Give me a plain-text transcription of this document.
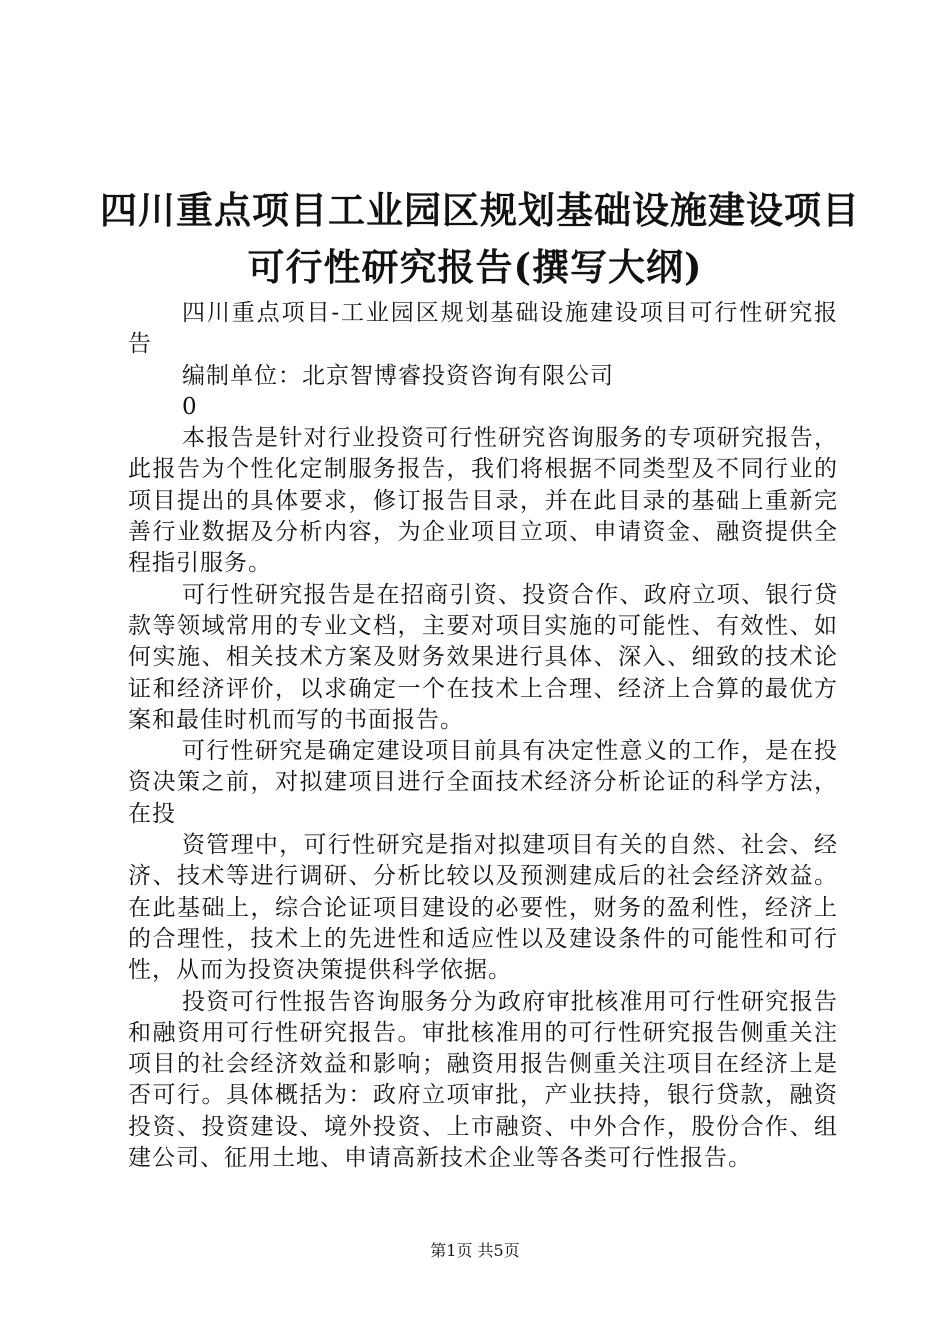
四川重点项目工业园区规划基础设施建设项目
可行性研究报告(撰写大纲)

四川重点项目-工业园区规划基础设施建设项目可行性研究报告

编制单位：北京智博睿投资咨询有限公司

0

本报告是针对行业投资可行性研究咨询服务的专项研究报告，此报告为个性化定制服务报告，我们将根据不同类型及不同行业的项目提出的具体要求，修订报告目录，并在此目录的基础上重新完善行业数据及分析内容，为企业项目立项、申请资金、融资提供全程指引服务。

可行性研究报告是在招商引资、投资合作、政府立项、银行贷款等领域常用的专业文档，主要对项目实施的可能性、有效性、如何实施、相关技术方案及财务效果进行具体、深入、细致的技术论证和经济评价，以求确定一个在技术上合理、经济上合算的最优方案和最佳时机而写的书面报告。

可行性研究是确定建设项目前具有决定性意义的工作，是在投资决策之前，对拟建项目进行全面技术经济分析论证的科学方法，在投

资管理中，可行性研究是指对拟建项目有关的自然、社会、经济、技术等进行调研、分析比较以及预测建成后的社会经济效益。在此基础上，综合论证项目建设的必要性，财务的盈利性，经济上的合理性，技术上的先进性和适应性以及建设条件的可能性和可行性，从而为投资决策提供科学依据。

投资可行性报告咨询服务分为政府审批核准用可行性研究报告和融资用可行性研究报告。审批核准用的可行性研究报告侧重关注项目的社会经济效益和影响；融资用报告侧重关注项目在经济上是否可行。具体概括为：政府立项审批，产业扶持，银行贷款，融资投资、投资建设、境外投资、上市融资、中外合作，股份合作、组建公司、征用土地、申请高新技术企业等各类可行性报告。

第1页 共5页
